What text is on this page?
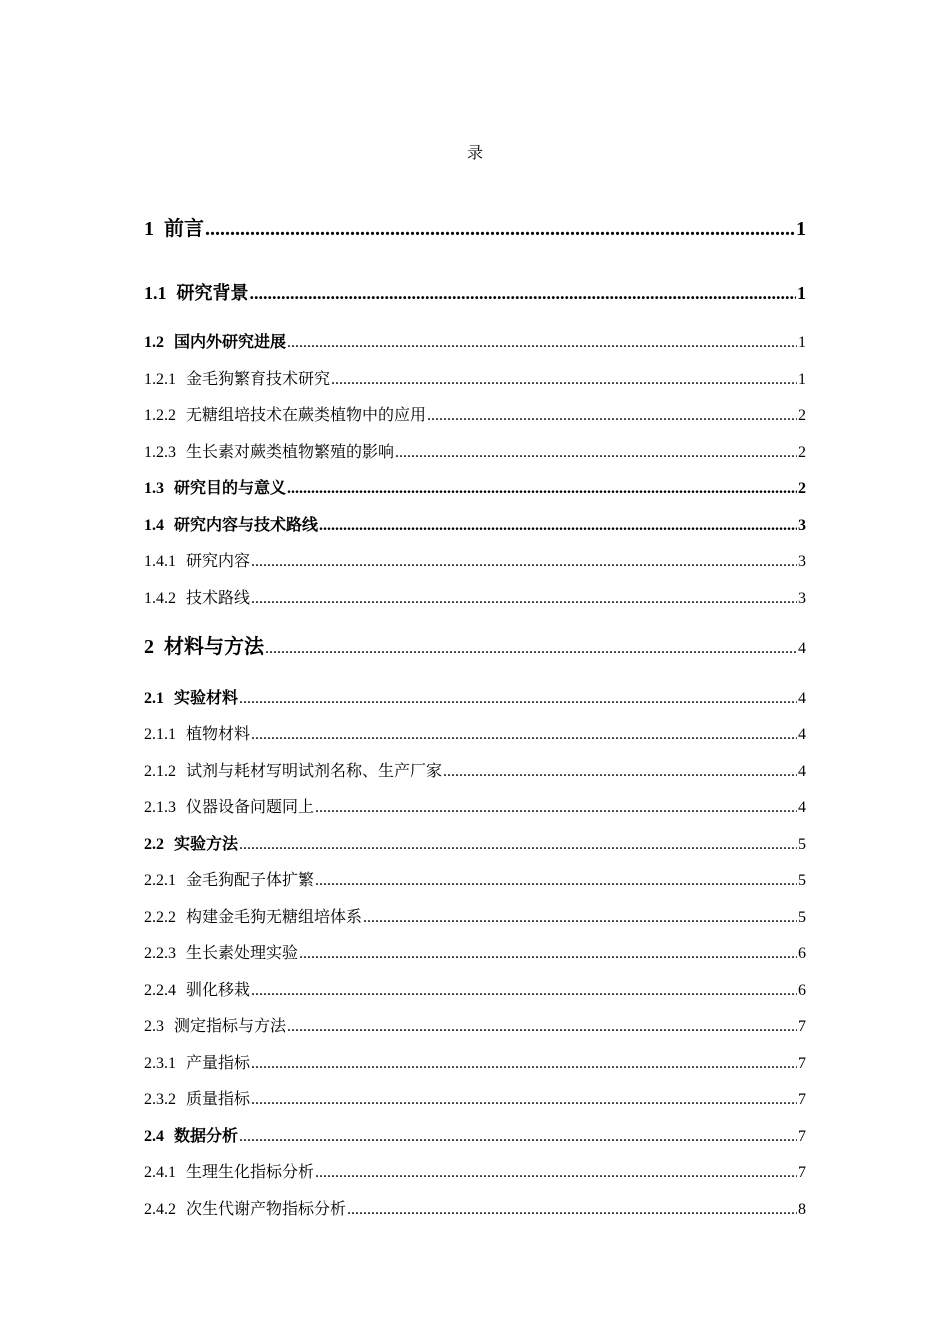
录
1 前言 .....	1
1.1 研究背景 .....	1
1.2 国内外研究进展 .....	1
1.2.1 金毛狗繁育技术研究 .....	1
1.2.2 无糖组培技术在蕨类植物中的应用 .....	2
1.2.3 生长素对蕨类植物繁殖的影响 .....	2
1.3 研究目的与意义 .....	2
1.4 研究内容与技术路线 .....	3
1.4.1 研究内容 .....	3
1.4.2 技术路线 .....	3
2 材料与方法 .....	4
2.1 实验材料 .....	4
2.1.1 植物材料 .....	4
2.1.2 试剂与耗材写明试剂名称、生产厂家 .....	4
2.1.3 仪器设备问题同上 .....	4
2.2 实验方法 .....	5
2.2.1 金毛狗配子体扩繁 .....	5
2.2.2 构建金毛狗无糖组培体系 .....	5
2.2.3 生长素处理实验 .....	6
2.2.4 驯化移栽 .....	6
2.3 测定指标与方法 .....	7
2.3.1 产量指标 .....	7
2.3.2 质量指标 .....	7
2.4 数据分析 .....	7
2.4.1 生理生化指标分析 .....	7
2.4.2 次生代谢产物指标分析 .....	8
